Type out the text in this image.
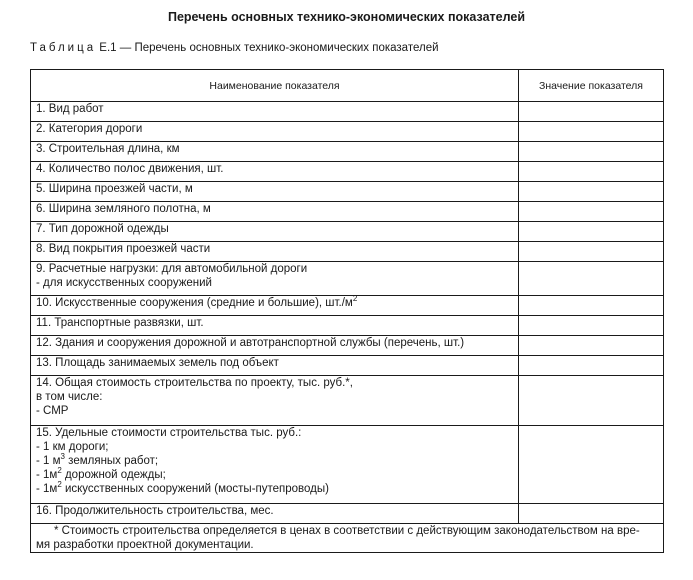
Перечень основных технико-экономических показателей
Таблица Е.1 — Перечень основных технико-экономических показателей
Наименование показателя	Значение показателя

1. Вид работ	

2. Категория дороги	

3. Строительная длина, км	

4. Количество полос движения, шт.	

5. Ширина проезжей части, м	

6. Ширина земляного полотна, м	

7. Тип дорожной одежды	

8. Вид покрытия проезжей части	

9. Расчетные нагрузки: для автомобильной дороги
- для искусственных сооружений	

10. Искусственные сооружения (средние и большие), $шт./м^2$

11. Транспортные развязки, шт.	

12. Здания и сооружения дорожной и автотранспортной службы (перечень, шт.)	

13. Площадь занимаемых земель под объект	

14. Общая стоимость строительства по проекту, тыс. руб.*,
в том числе:
- СМР	

15. Удельные стоимости строительства тыс. руб.:
- 1 км дороги;
- 1 $м^3$ земляных работ;
- $1м^2$ дорожной одежды;
- $1м^2$ искусственных сооружений (мосты-путепроводы)	

16. Продолжительность строительства, мес.	

* Стоимость строительства определяется в ценах в соответствии с действующим законодательством на вре-
мя разработки проектной документации.	
